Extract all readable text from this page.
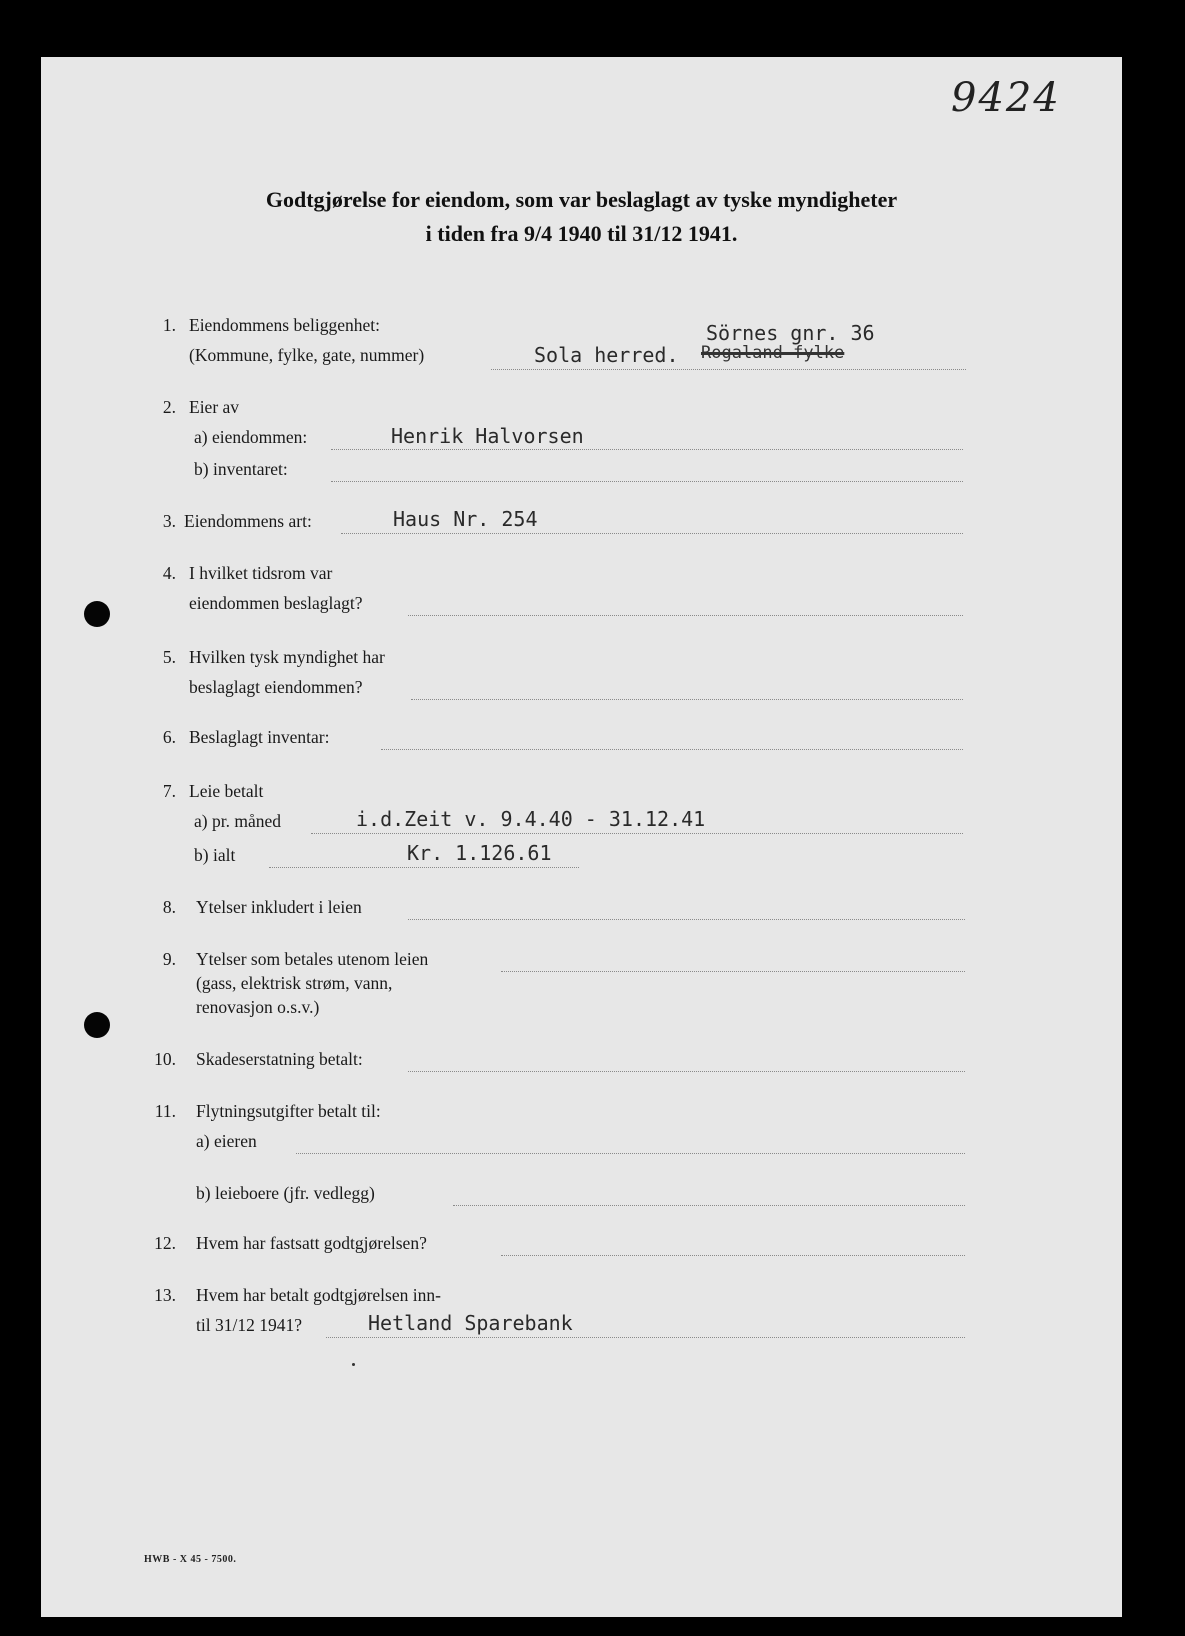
9424
Godtgjørelse for eiendom, som var beslaglagt av tyske myndigheter
i tiden fra 9/4 1940 til 31/12 1941.
1. Eiendommens beliggenhet:
(Kommune, fylke, gate, nummer)
Sörnes gnr. 36
Sola herred. Rogaland fylke
2. Eier av
a) eiendommen:	Henrik Halvorsen
b) inventaret:
3. Eiendommens art:	Haus Nr. 254
4. I hvilket tidsrom var
eiendommen beslaglagt?
5. Hvilken tysk myndighet har
beslaglagt eiendommen?
6. Beslaglagt inventar:
7. Leie betalt
a) pr. måned	i.d.Zeit v. 9.4.40 - 31.12.41
b) ialt	Kr. 1.126.61
8. Ytelser inkludert i leien
9. Ytelser som betales utenom leien
(gass, elektrisk strøm, vann,
renovasjon o.s.v.)
10. Skadeserstatning betalt:
11. Flytningsutgifter betalt til:
a) eieren
b) leieboere (jfr. vedlegg)
12. Hvem har fastsatt godtgjørelsen?
13. Hvem har betalt godtgjørelsen inn-
til 31/12 1941?	Hetland Sparebank
HWB - X 45 - 7500.
